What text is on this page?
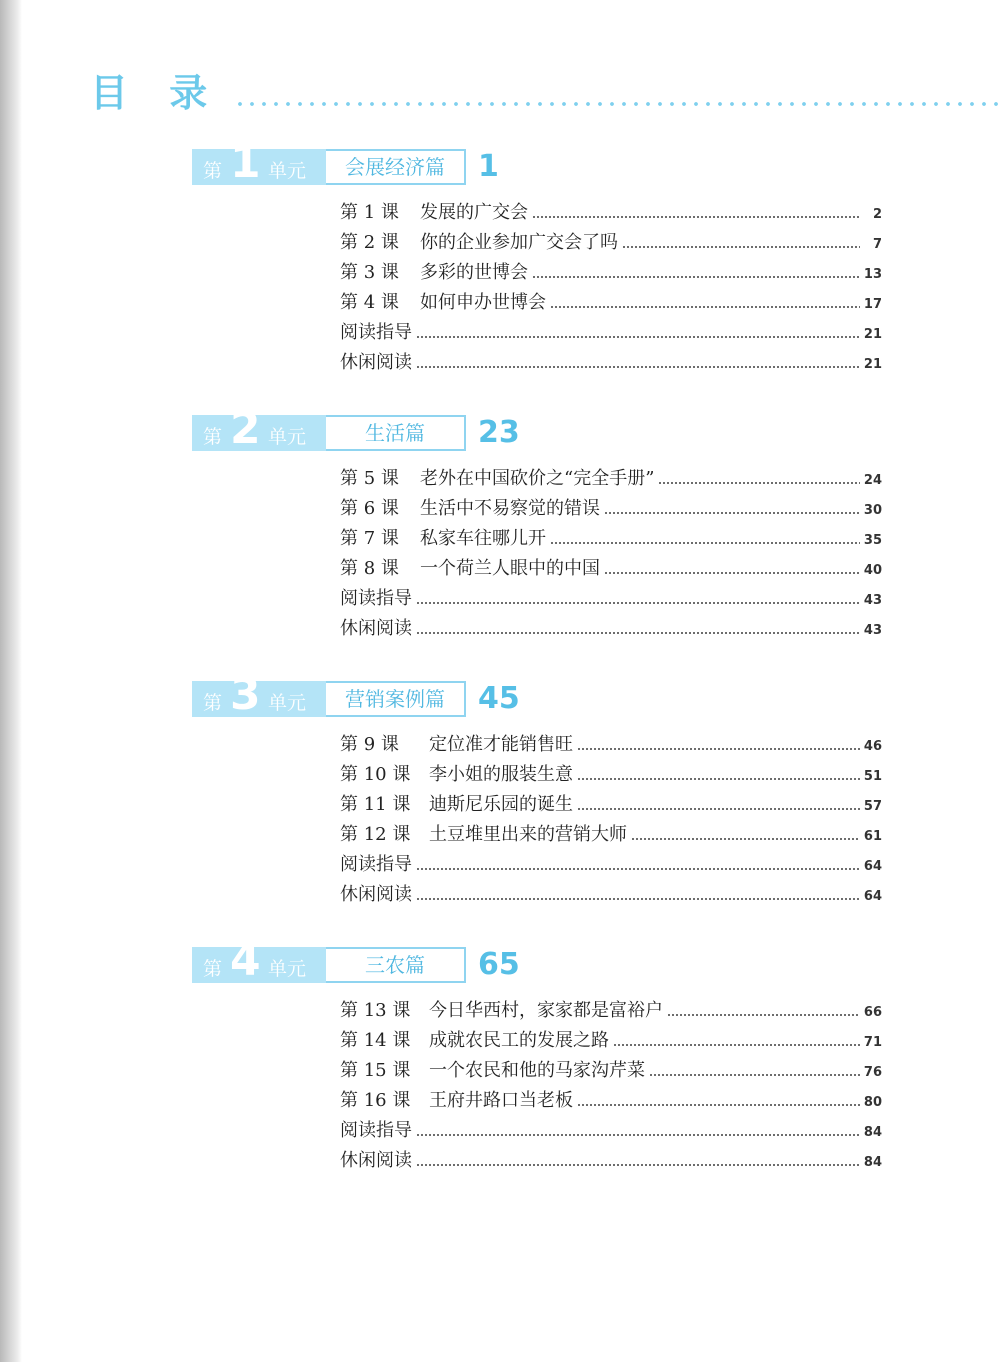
目 录
第 1 单元	会展经济篇	1
第 1 课	发展的广交会	2
第 2 课	你的企业参加广交会了吗	7
第 3 课	多彩的世博会	13
第 4 课	如何申办世博会	17
阅读指导	21
休闲阅读	21
第 2 单元	生活篇	23
第 5 课	老外在中国砍价之“完全手册”	24
第 6 课	生活中不易察觉的错误	30
第 7 课	私家车往哪儿开	35
第 8 课	一个荷兰人眼中的中国	40
阅读指导	43
休闲阅读	43
第 3 单元	营销案例篇	45
第 9 课	定位准才能销售旺	46
第 10 课	李小姐的服装生意	51
第 11 课	迪斯尼乐园的诞生	57
第 12 课	土豆堆里出来的营销大师	61
阅读指导	64
休闲阅读	64
第 4 单元	三农篇	65
第 13 课	今日华西村，家家都是富裕户	66
第 14 课	成就农民工的发展之路	71
第 15 课	一个农民和他的马家沟芹菜	76
第 16 课	王府井路口当老板	80
阅读指导	84
休闲阅读	84
